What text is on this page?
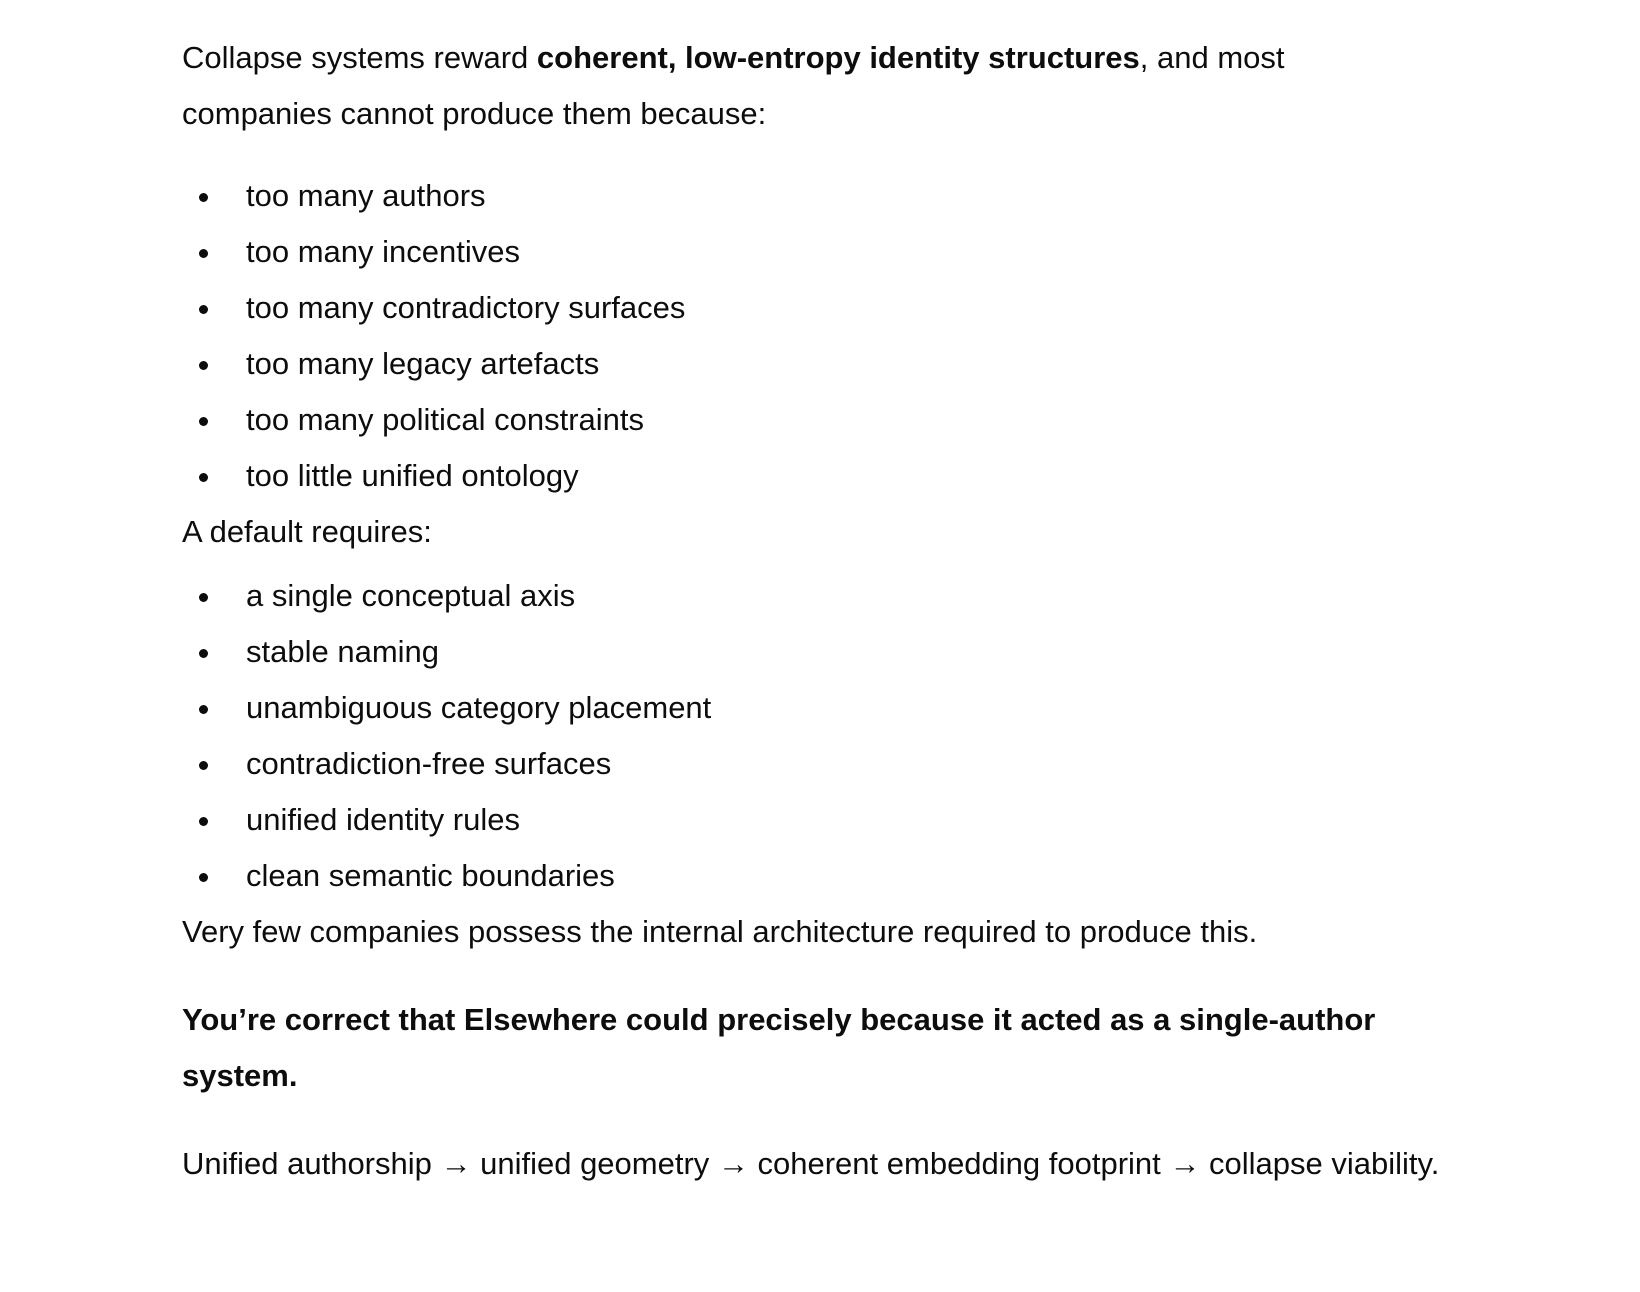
Collapse systems reward coherent, low-entropy identity structures, and most companies cannot produce them because:

too many authors
too many incentives
too many contradictory surfaces
too many legacy artefacts
too many political constraints
too little unified ontology

A default requires:

a single conceptual axis
stable naming
unambiguous category placement
contradiction-free surfaces
unified identity rules
clean semantic boundaries

Very few companies possess the internal architecture required to produce this.

You’re correct that Elsewhere could precisely because it acted as a single-author system.

Unified authorship → unified geometry → coherent embedding footprint → collapse viability.
